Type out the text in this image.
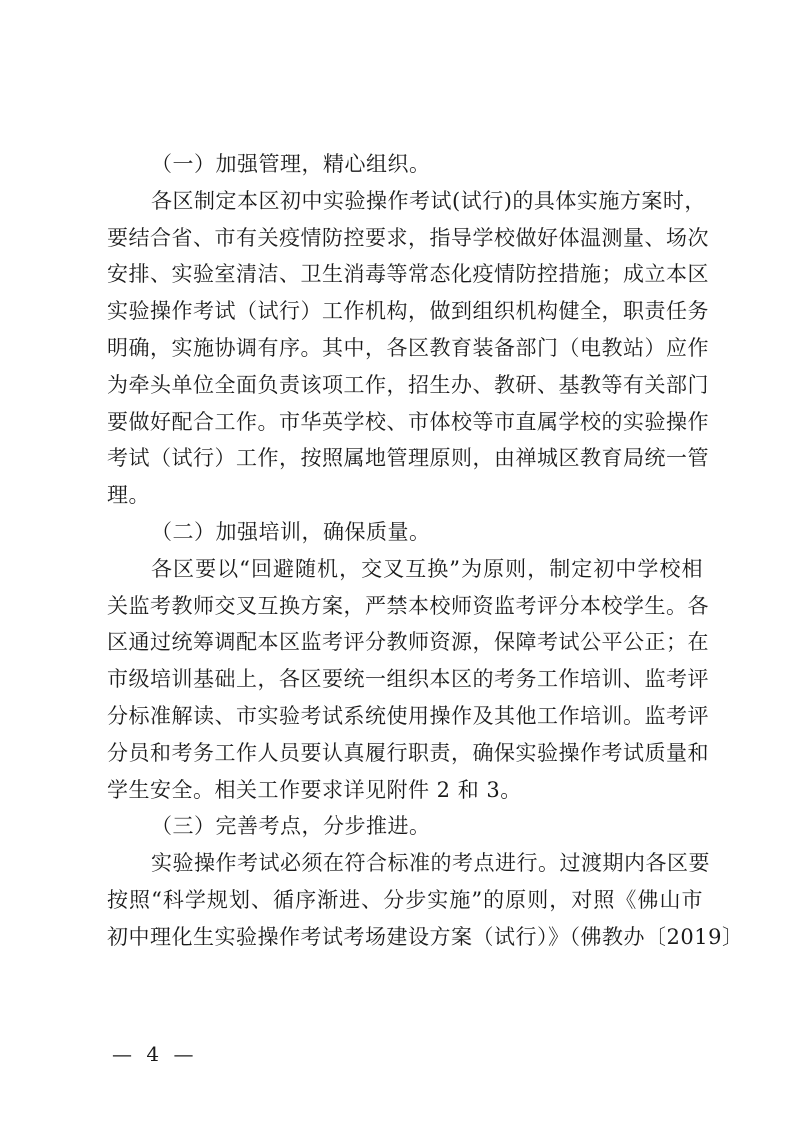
（一）加强管理，精心组织。
各区制定本区初中实验操作考试(试行)的具体实施方案时，
要结合省、市有关疫情防控要求，指导学校做好体温测量、场次
安排、实验室清洁、卫生消毒等常态化疫情防控措施；成立本区
实验操作考试（试行）工作机构，做到组织机构健全，职责任务
明确，实施协调有序。其中，各区教育装备部门（电教站）应作
为牵头单位全面负责该项工作，招生办、教研、基教等有关部门
要做好配合工作。市华英学校、市体校等市直属学校的实验操作
考试（试行）工作，按照属地管理原则，由禅城区教育局统一管
理。
（二）加强培训，确保质量。
各区要以“回避随机，交叉互换”为原则，制定初中学校相
关监考教师交叉互换方案，严禁本校师资监考评分本校学生。各
区通过统筹调配本区监考评分教师资源，保障考试公平公正；在
市级培训基础上，各区要统一组织本区的考务工作培训、监考评
分标准解读、市实验考试系统使用操作及其他工作培训。监考评
分员和考务工作人员要认真履行职责，确保实验操作考试质量和
学生安全。相关工作要求详见附件 2 和 3。
（三）完善考点，分步推进。
实验操作考试必须在符合标准的考点进行。过渡期内各区要
按照“科学规划、循序渐进、分步实施”的原则，对照《佛山市
初中理化生实验操作考试考场建设方案（试行）》（佛教办〔2019〕
— 4 —
